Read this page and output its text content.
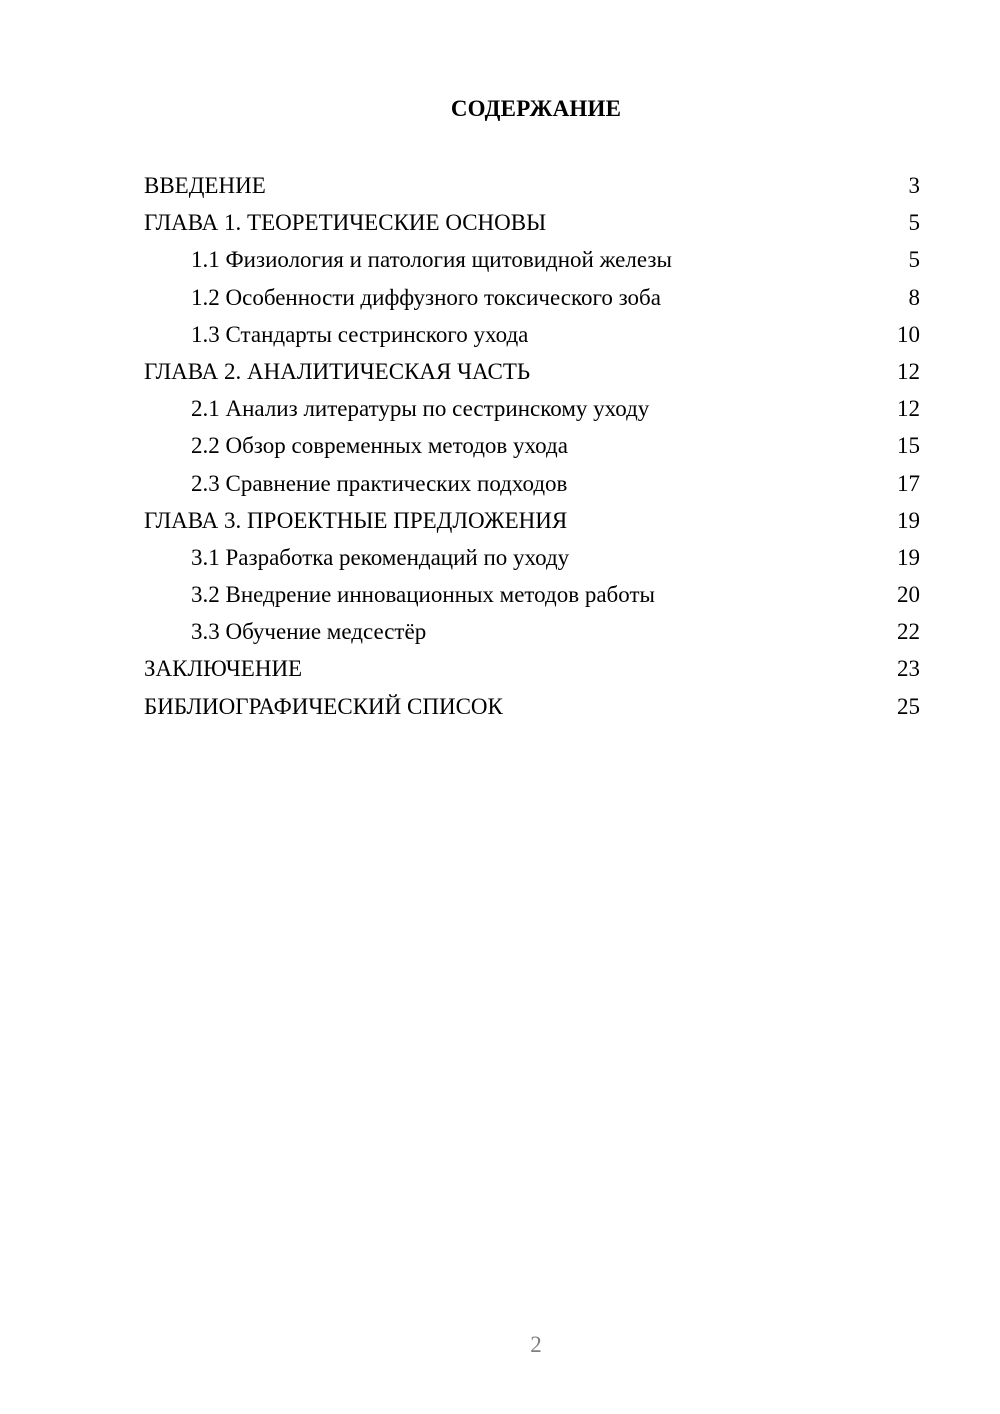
СОДЕРЖАНИЕ
ВВЕДЕНИЕ	3
ГЛАВА 1. ТЕОРЕТИЧЕСКИЕ ОСНОВЫ	5
1.1 Физиология и патология щитовидной железы	5
1.2 Особенности диффузного токсического зоба	8
1.3 Стандарты сестринского ухода	10
ГЛАВА 2. АНАЛИТИЧЕСКАЯ ЧАСТЬ	12
2.1 Анализ литературы по сестринскому уходу	12
2.2 Обзор современных методов ухода	15
2.3 Сравнение практических подходов	17
ГЛАВА 3. ПРОЕКТНЫЕ ПРЕДЛОЖЕНИЯ	19
3.1 Разработка рекомендаций по уходу	19
3.2 Внедрение инновационных методов работы	20
3.3 Обучение медсестёр	22
ЗАКЛЮЧЕНИЕ	23
БИБЛИОГРАФИЧЕСКИЙ СПИСОК	25
2
